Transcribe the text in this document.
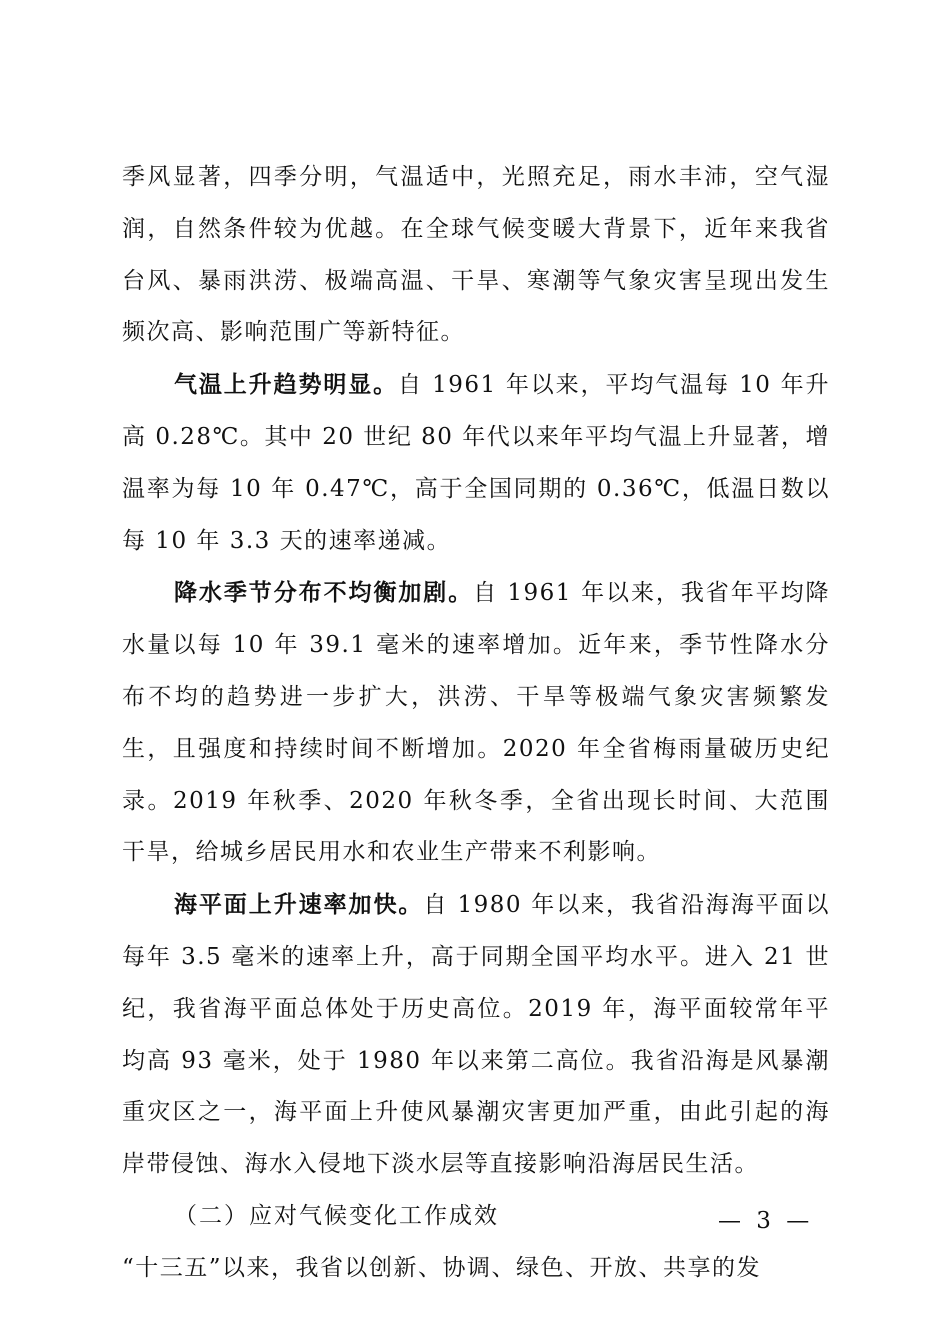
季风显著，四季分明，气温适中，光照充足，雨水丰沛，空气湿润，自然条件较为优越。在全球气候变暖大背景下，近年来我省台风、暴雨洪涝、极端高温、干旱、寒潮等气象灾害呈现出发生频次高、影响范围广等新特征。

气温上升趋势明显。自 1961 年以来，平均气温每 10 年升高 0.28℃。其中 20 世纪 80 年代以来年平均气温上升显著，增温率为每 10 年 0.47℃，高于全国同期的 0.36℃，低温日数以每 10 年 3.3 天的速率递减。

降水季节分布不均衡加剧。自 1961 年以来，我省年平均降水量以每 10 年 39.1 毫米的速率增加。近年来，季节性降水分布不均的趋势进一步扩大，洪涝、干旱等极端气象灾害频繁发生，且强度和持续时间不断增加。2020 年全省梅雨量破历史纪录。2019 年秋季、2020 年秋冬季，全省出现长时间、大范围干旱，给城乡居民用水和农业生产带来不利影响。

海平面上升速率加快。自 1980 年以来，我省沿海海平面以每年 3.5 毫米的速率上升，高于同期全国平均水平。进入 21 世纪，我省海平面总体处于历史高位。2019 年，海平面较常年平均高 93 毫米，处于 1980 年以来第二高位。我省沿海是风暴潮重灾区之一，海平面上升使风暴潮灾害更加严重，由此引起的海岸带侵蚀、海水入侵地下淡水层等直接影响沿海居民生活。

（二）应对气候变化工作成效

“十三五”以来，我省以创新、协调、绿色、开放、共享的发

— 3 —
